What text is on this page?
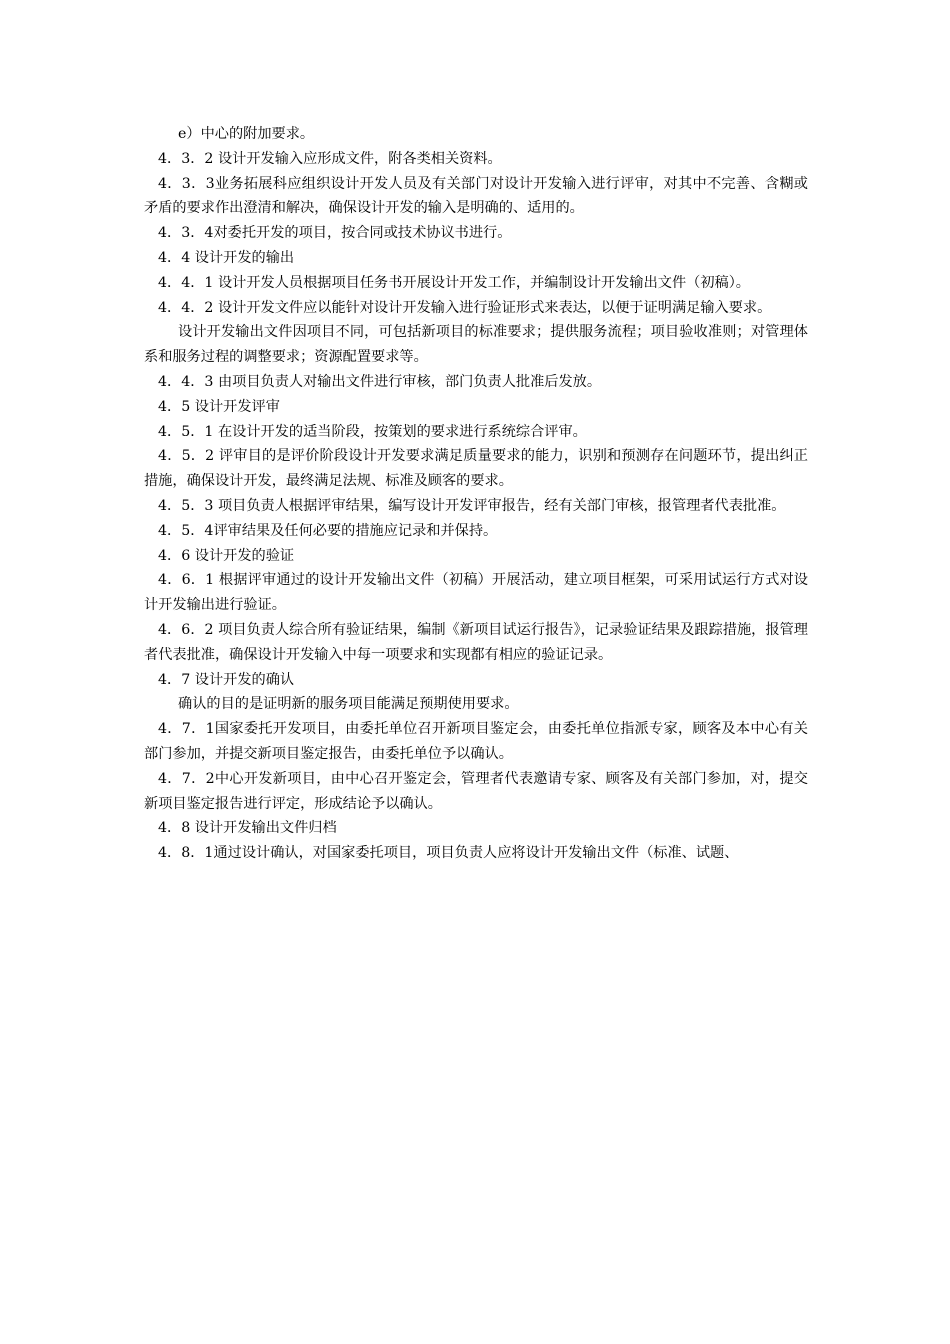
e）中心的附加要求。

4．3．2 设计开发输入应形成文件，附各类相关资料。

4．3．3业务拓展科应组织设计开发人员及有关部门对设计开发输入进行评审，对其中不完善、含糊或矛盾的要求作出澄清和解决，确保设计开发的输入是明确的、适用的。

4．3．4对委托开发的项目，按合同或技术协议书进行。

4．4 设计开发的输出

4．4．1 设计开发人员根据项目任务书开展设计开发工作，并编制设计开发输出文件（初稿）。

4．4．2 设计开发文件应以能针对设计开发输入进行验证形式来表达，以便于证明满足输入要求。

设计开发输出文件因项目不同，可包括新项目的标准要求；提供服务流程；项目验收准则；对管理体系和服务过程的调整要求；资源配置要求等。

4．4．3 由项目负责人对输出文件进行审核，部门负责人批准后发放。

4．5 设计开发评审

4．5．1 在设计开发的适当阶段，按策划的要求进行系统综合评审。

4．5．2 评审目的是评价阶段设计开发要求满足质量要求的能力，识别和预测存在问题环节，提出纠正措施，确保设计开发，最终满足法规、标准及顾客的要求。

4．5．3 项目负责人根据评审结果，编写设计开发评审报告，经有关部门审核，报管理者代表批准。

4．5．4评审结果及任何必要的措施应记录和并保持。

4．6 设计开发的验证

4．6．1 根据评审通过的设计开发输出文件（初稿）开展活动，建立项目框架，可采用试运行方式对设计开发输出进行验证。

4．6．2 项目负责人综合所有验证结果，编制《新项目试运行报告》，记录验证结果及跟踪措施，报管理者代表批准，确保设计开发输入中每一项要求和实现都有相应的验证记录。

4．7 设计开发的确认

确认的目的是证明新的服务项目能满足预期使用要求。

4．7．1国家委托开发项目，由委托单位召开新项目鉴定会，由委托单位指派专家，顾客及本中心有关部门参加，并提交新项目鉴定报告，由委托单位予以确认。

4．7．2中心开发新项目，由中心召开鉴定会，管理者代表邀请专家、顾客及有关部门参加，对，提交新项目鉴定报告进行评定，形成结论予以确认。

4．8 设计开发输出文件归档

4．8．1通过设计确认，对国家委托项目，项目负责人应将设计开发输出文件（标准、试题、
